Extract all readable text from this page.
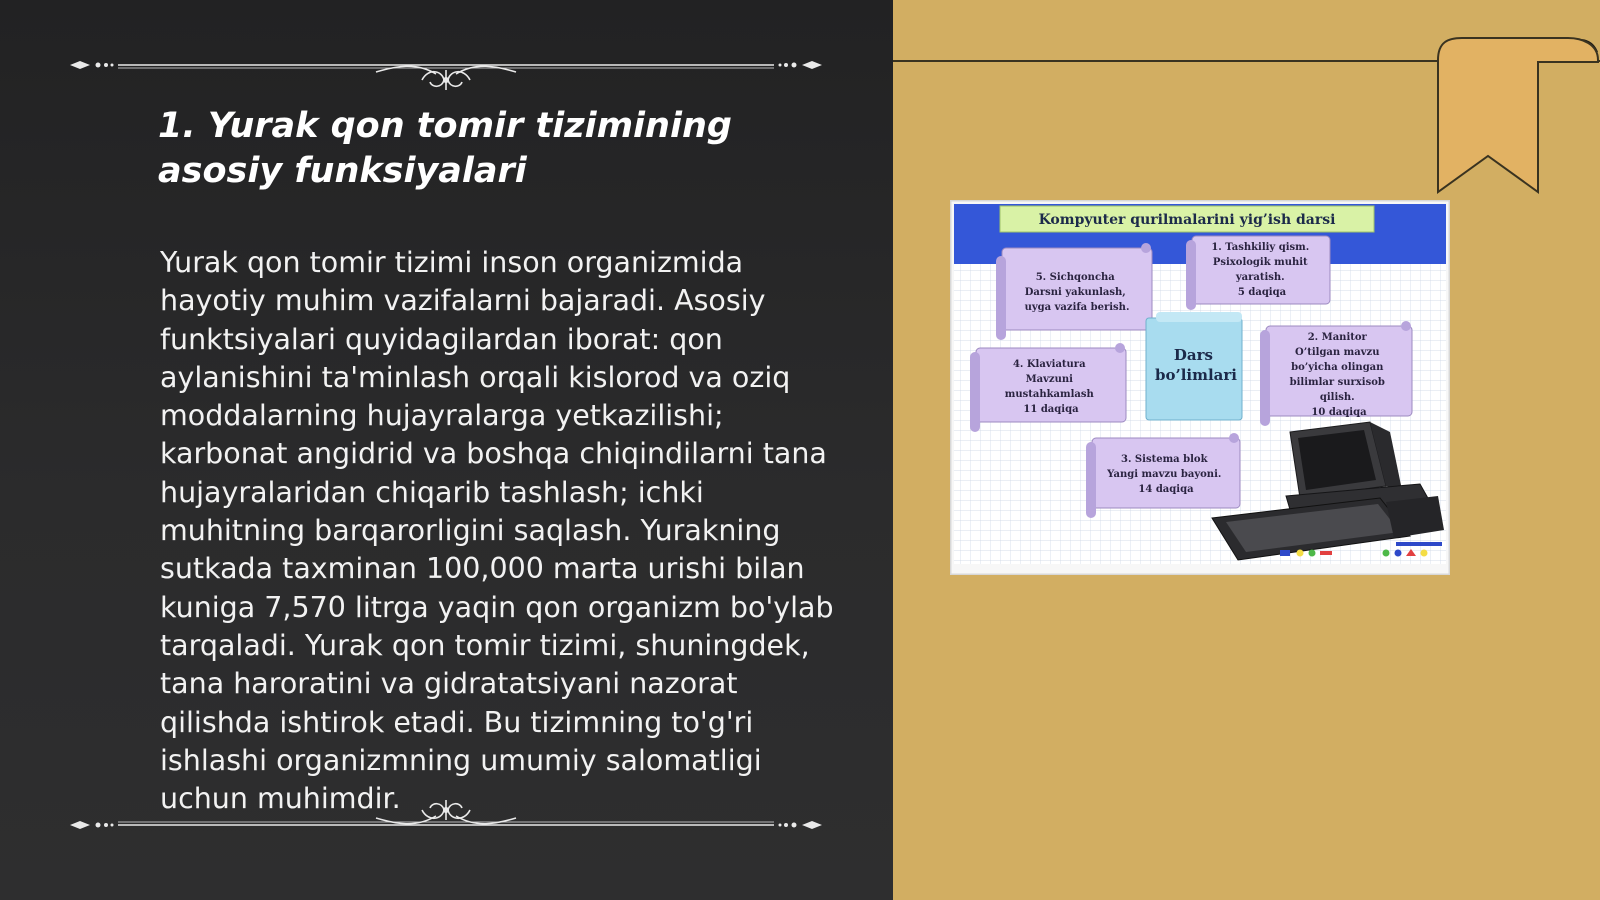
1. Yurak qon tomir tizimining asosiy funksiyalari

Yurak qon tomir tizimi inson organizmida hayotiy muhim vazifalarni bajaradi. Asosiy funktsiyalari quyidagilardan iborat: qon aylanishini ta'minlash orqali kislorod va oziq moddalarning hujayralarga yetkazilishi; karbonat angidrid va boshqa chiqindilarni tana hujayralaridan chiqarib tashlash; ichki muhitning barqarorligini saqlash. Yurakning sutkada taxminan 100,000 marta urishi bilan kuniga 7,570 litrga yaqin qon organizm bo'ylab tarqaladi. Yurak qon tomir tizimi, shuningdek, tana haroratini va gidratatsiyani nazorat qilishda ishtirok etadi. Bu tizimning to'g'ri ishlashi organizmning umumiy salomatligi uchun muhimdir.

Kompyuter qurilmalarini yig’ish darsi
5. Sichqoncha Darsni yakunlash, uyga vazifa berish.
1. Tashkiliy qism. Psixologik muhit yaratish. 5 daqiqa
Dars bo’limlari
4. Klaviatura Mavzuni mustahkamlash 11 daqiqa
2. Manitor O’tilgan mavzu bo’yicha olingan bilimlar surxisob qilish. 10 daqiqa
3. Sistema blok Yangi mavzu bayoni. 14 daqiqa
